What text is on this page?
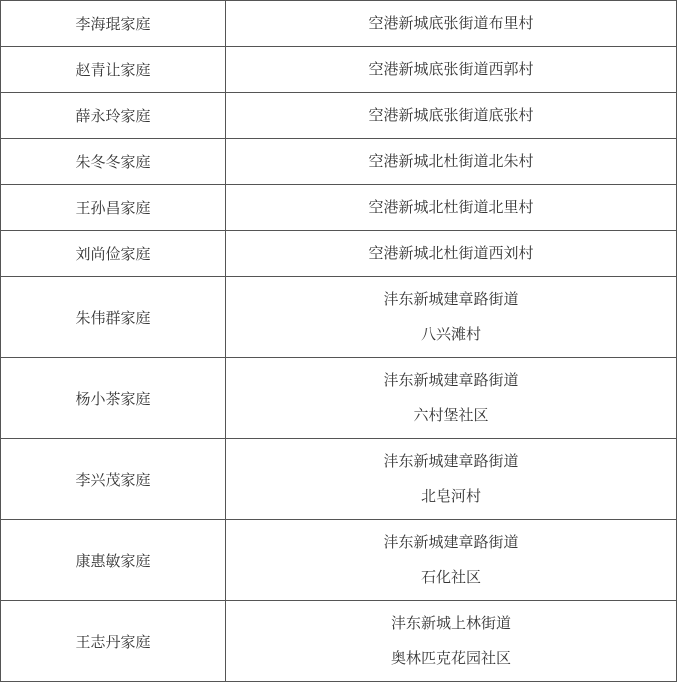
李海琨家庭	空港新城底张街道布里村

赵青让家庭	空港新城底张街道西郭村

薛永玲家庭	空港新城底张街道底张村

朱冬冬家庭	空港新城北杜街道北朱村

王孙昌家庭	空港新城北杜街道北里村

刘尚俭家庭	空港新城北杜街道西刘村

朱伟群家庭	沣东新城建章路街道
八兴滩村

杨小茶家庭	沣东新城建章路街道
六村堡社区

李兴茂家庭	沣东新城建章路街道
北皂河村

康惠敏家庭	沣东新城建章路街道
石化社区

王志丹家庭	沣东新城上林街道
奥林匹克花园社区
